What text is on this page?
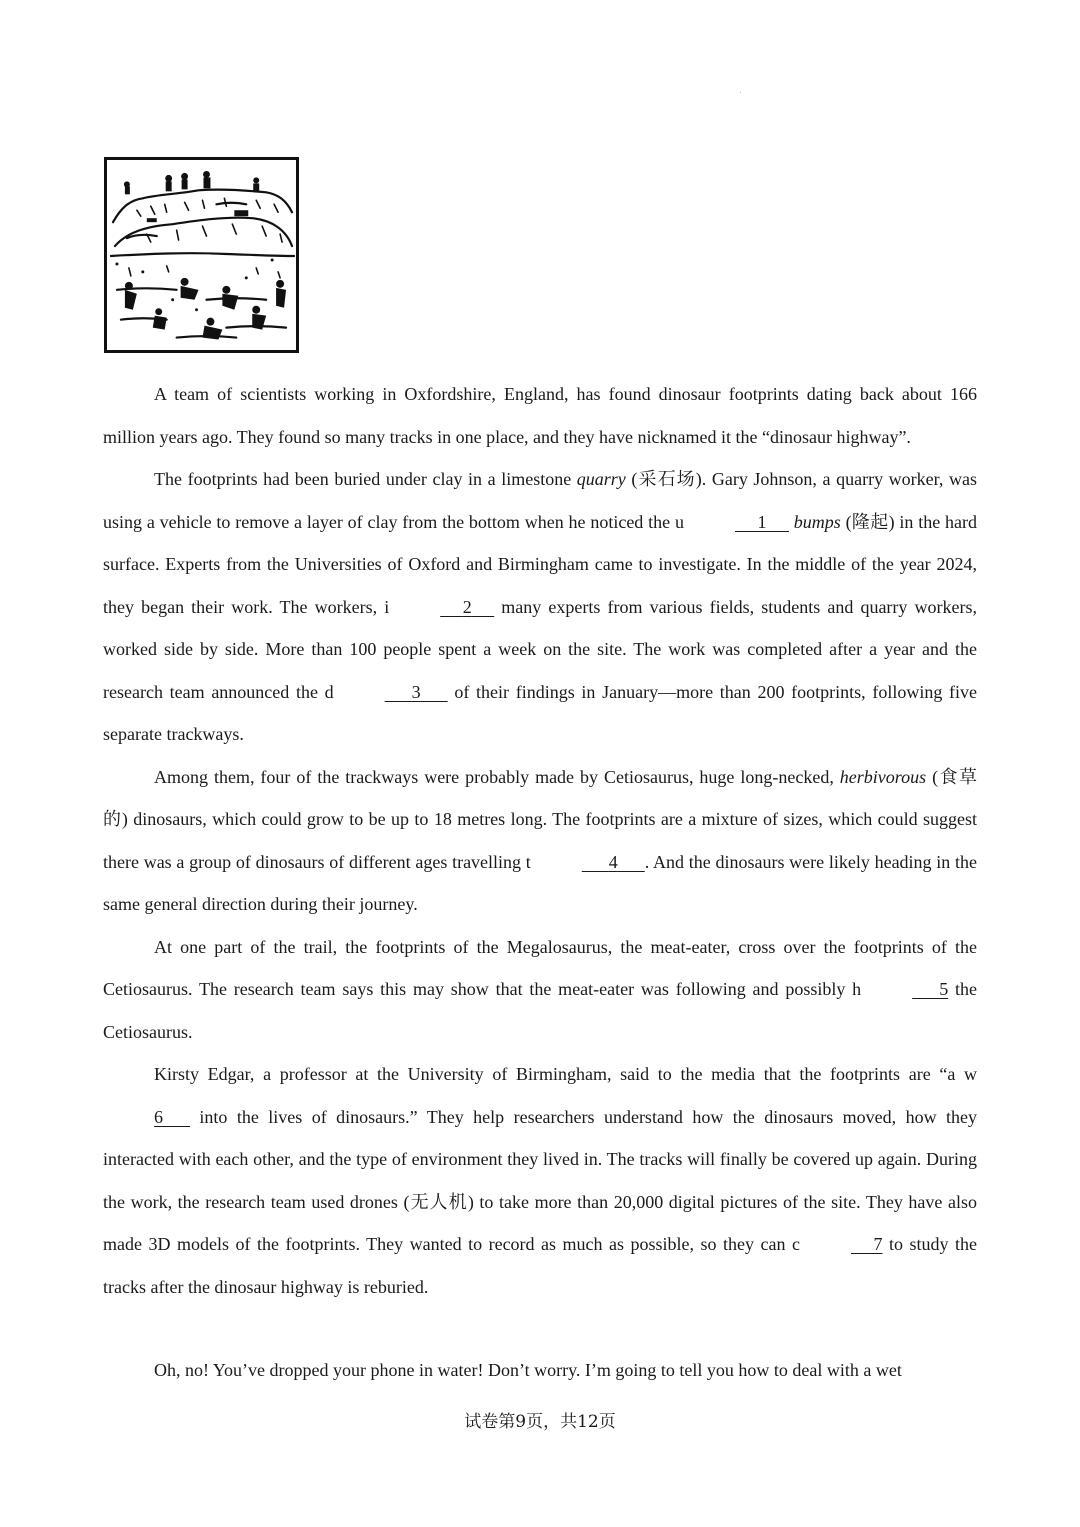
A team of scientists working in Oxfordshire, England, has found dinosaur footprints dating back about 166 million years ago. They found so many tracks in one place, and they have nicknamed it the “dinosaur highway”.

The footprints had been buried under clay in a limestone quarry (采石场). Gary Johnson, a quarry worker, was using a vehicle to remove a layer of clay from the bottom when he noticed the u	1 bumps (隆起) in the hard surface. Experts from the Universities of Oxford and Birmingham came to investigate. In the middle of the year 2024, they began their work. The workers, i	2      many experts from various fields, students and quarry workers, worked side by side. More than 100 people spent a week on the site. The work was completed after a year and the research team announced the d	3       of their findings in January—more than 200 footprints, following five separate trackways.

Among them, four of the trackways were probably made by Cetiosaurus, huge long-necked, herbivorous (食草的) dinosaurs, which could grow to be up to 18 metres long. The footprints are a mixture of sizes, which could suggest there was a group of dinosaurs of different ages travelling t	4 . And the dinosaurs were likely heading in the same general direction during their journey.

At one part of the trail, the footprints of the Megalosaurus, the meat-eater, cross over the footprints of the Cetiosaurus. The research team says this may show that the meat-eater was following and possibly h	5 the Cetiosaurus.

Kirsty Edgar, a professor at the University of Birmingham, said to the media that the footprints are “a w 6       into the lives of dinosaurs.” They help researchers understand how the dinosaurs moved, how they interacted with each other, and the type of environment they lived in. The tracks will finally be covered up again. During the work, the research team used drones (无人机) to take more than 20,000 digital pictures of the site. They have also made 3D models of the footprints. They wanted to record as much as possible, so they can c	7 to study the tracks after the dinosaur highway is reburied.

Oh, no! You’ve dropped your phone in water! Don’t worry. I’m going to tell you how to deal with a wet
试卷第9页，共12页
